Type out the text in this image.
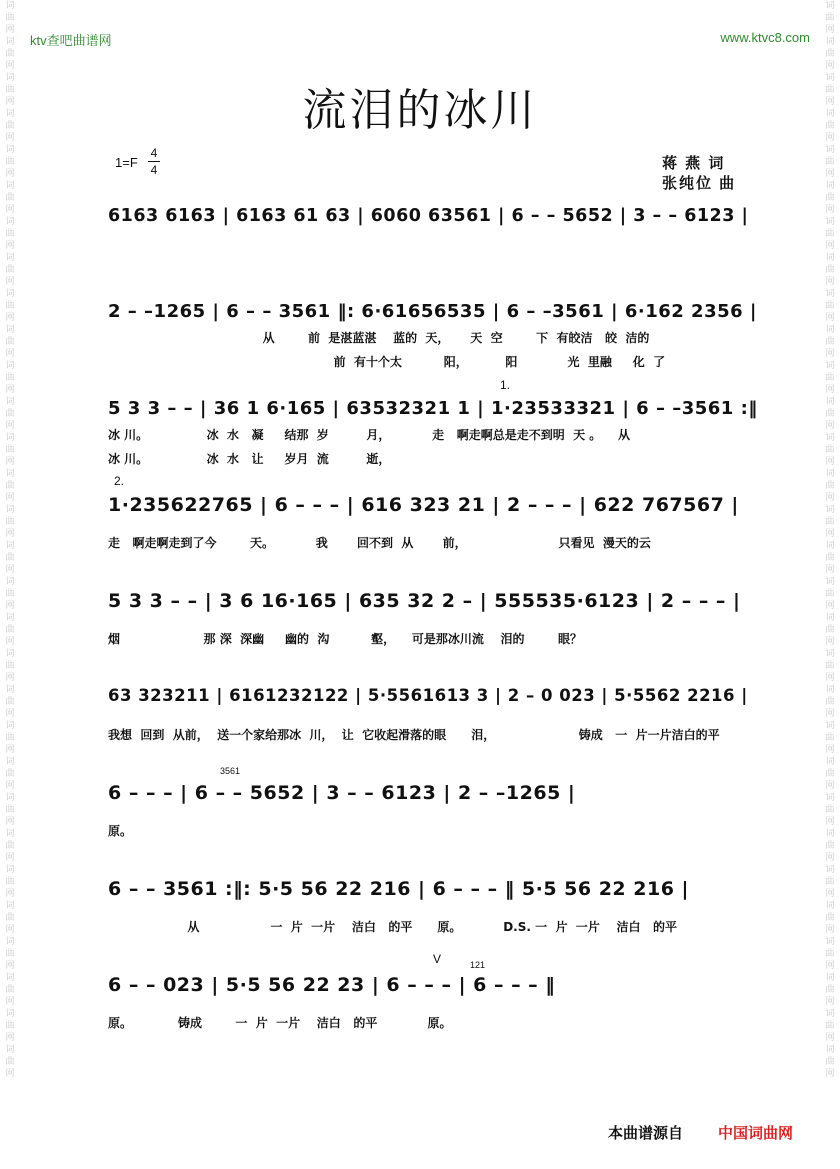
词曲网词曲网词曲网词曲网词曲网词曲网词曲网词曲网词曲网词曲网词曲网词曲网词曲网词曲网词曲网词曲网词曲网词曲网词曲网词曲网词曲网词曲网词曲网词曲网词曲网词曲网词曲网词曲网词曲网词曲网
词曲网词曲网词曲网词曲网词曲网词曲网词曲网词曲网词曲网词曲网词曲网词曲网词曲网词曲网词曲网词曲网词曲网词曲网词曲网词曲网词曲网词曲网词曲网词曲网词曲网词曲网词曲网词曲网词曲网词曲网
ktv查吧曲谱网	www.ktvc8.com
流泪的冰川
1=F
4
4	蒋 燕 词
张纯位 曲
6163 6163 | 6163 61 63 | 6060 63561 | 6 – – 5652 | 3 – – 6123 |
2 – –1265 | 6 – – 3561 ‖: 6·61656535 | 6 – –3561 | 6·162 2356 |
从        前  是湛蓝湛    蓝的  天，     天  空        下  有皎洁   皎  洁的
前  有十个太          阳，         阳            光  里融     化  了
1.
5 3 3 – – | 36 1 6·165 | 63532321 1 | 1·23533321 | 6 – –3561 :‖
冰 川。              冰  水   凝     结那  岁         月，          走   啊走啊总是走不到明  天 。    从
冰 川。              冰  水   让     岁月  流         逝，
2.
1·235622765 | 6 – – – | 616 323 21 | 2 – – – | 622 767567 |
走   啊走啊走到了今        天。          我       回不到  从       前，                      只看见  漫天的云
5 3 3 – – | 3 6 16·165 | 635 32 2 – | 555535·6123 | 2 – – – |
烟                    那 深  深幽     幽的  沟          壑，    可是那冰川流    泪的        眼？
63 323211 | 6161232122 | 5·5561613 3 | 2 – 0 023 | 5·5562 2216 |
我想  回到  从前，  送一个家给那冰  川，  让  它收起滑落的眼      泪，                    铸成   一  片一片洁白的平
3561
6 – – – | 6 – – 5652 | 3 – – 6123 | 2 – –1265 |
原。
6 – – 3561 :‖: 5·5 56 22 216 | 6 – – – ‖ 5·5 56 22 216 |
从                 一  片  一片    洁白   的平      原。          D.S. 一  片  一片    洁白   的平
V	121
6 – – 023 | 5·5 56 22 23 | 6 – – – | 6 – – – ‖
原。           铸成        一  片  一片    洁白   的平            原。
本曲谱源自 中国词曲网
